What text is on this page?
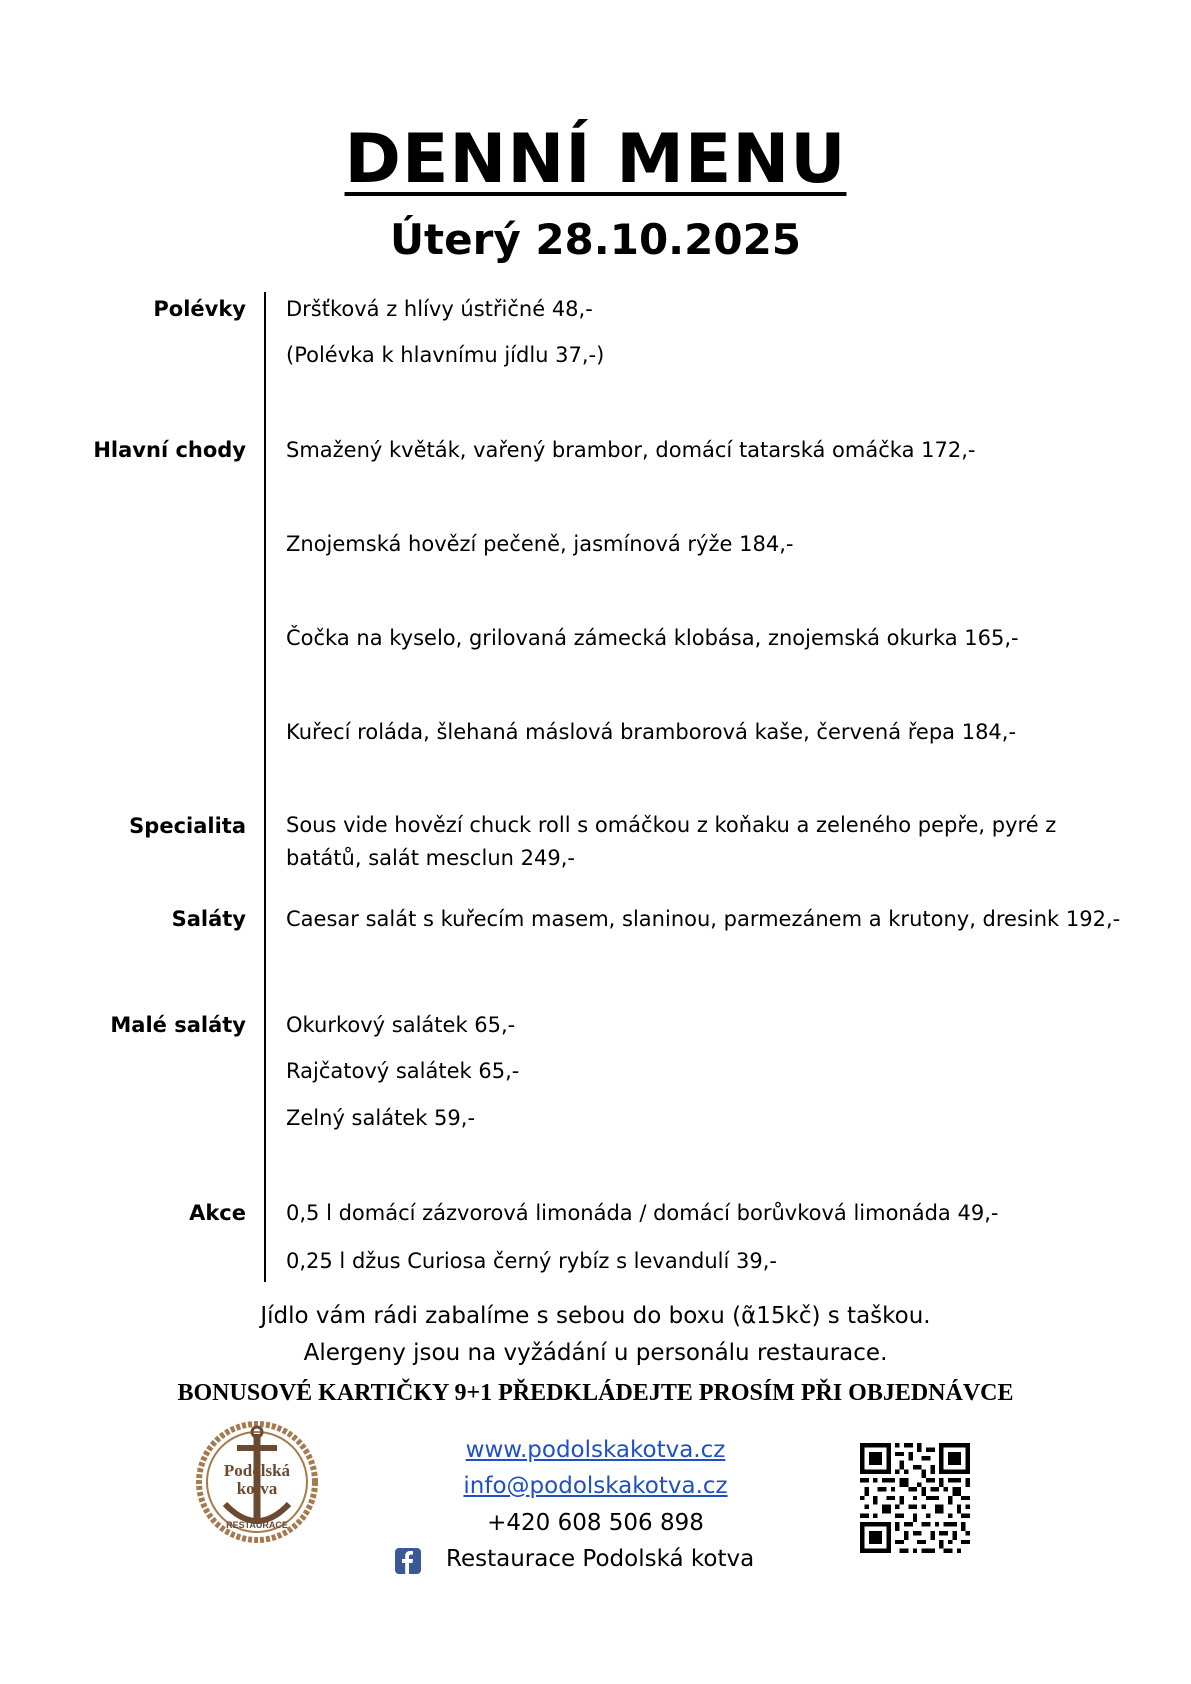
DENNÍ MENU
Úterý 28.10.2025
Polévky Dršťková z hlívy ústřičné 48,-
(Polévka k hlavnímu jídlu 37,-)
Hlavní chody Smažený květák, vařený brambor, domácí tatarská omáčka 172,-
Znojemská hovězí pečeně, jasmínová rýže 184,-
Čočka na kyselo, grilovaná zámecká klobása, znojemská okurka 165,-
Kuřecí roláda, šlehaná máslová bramborová kaše, červená řepa 184,-
Specialita Sous vide hovězí chuck roll s omáčkou z koňaku a zeleného pepře, pyré z batátů, salát mesclun 249,-
Saláty Caesar salát s kuřecím masem, slaninou, parmezánem a krutony, dresink 192,-
Malé saláty Okurkový salátek 65,-
Rajčatový salátek 65,-
Zelný salátek 59,-
Akce 0,5 l domácí zázvorová limonáda / domácí borůvková limonáda 49,-
0,25 l džus Curiosa černý rybíz s levandulí 39,-
Jídlo vám rádi zabalíme s sebou do boxu (ᾶ15kč) s taškou.
Alergeny jsou na vyžádání u personálu restaurace.
BONUSOVÉ KARTIČKY 9+1 PŘEDKLÁDEJTE PROSÍM PŘI OBJEDNÁVCE
Podolská
kotva
RESTAURACE
www.podolskakotva.cz
info@podolskakotva.cz
+420 608 506 898
Restaurace Podolská kotva
